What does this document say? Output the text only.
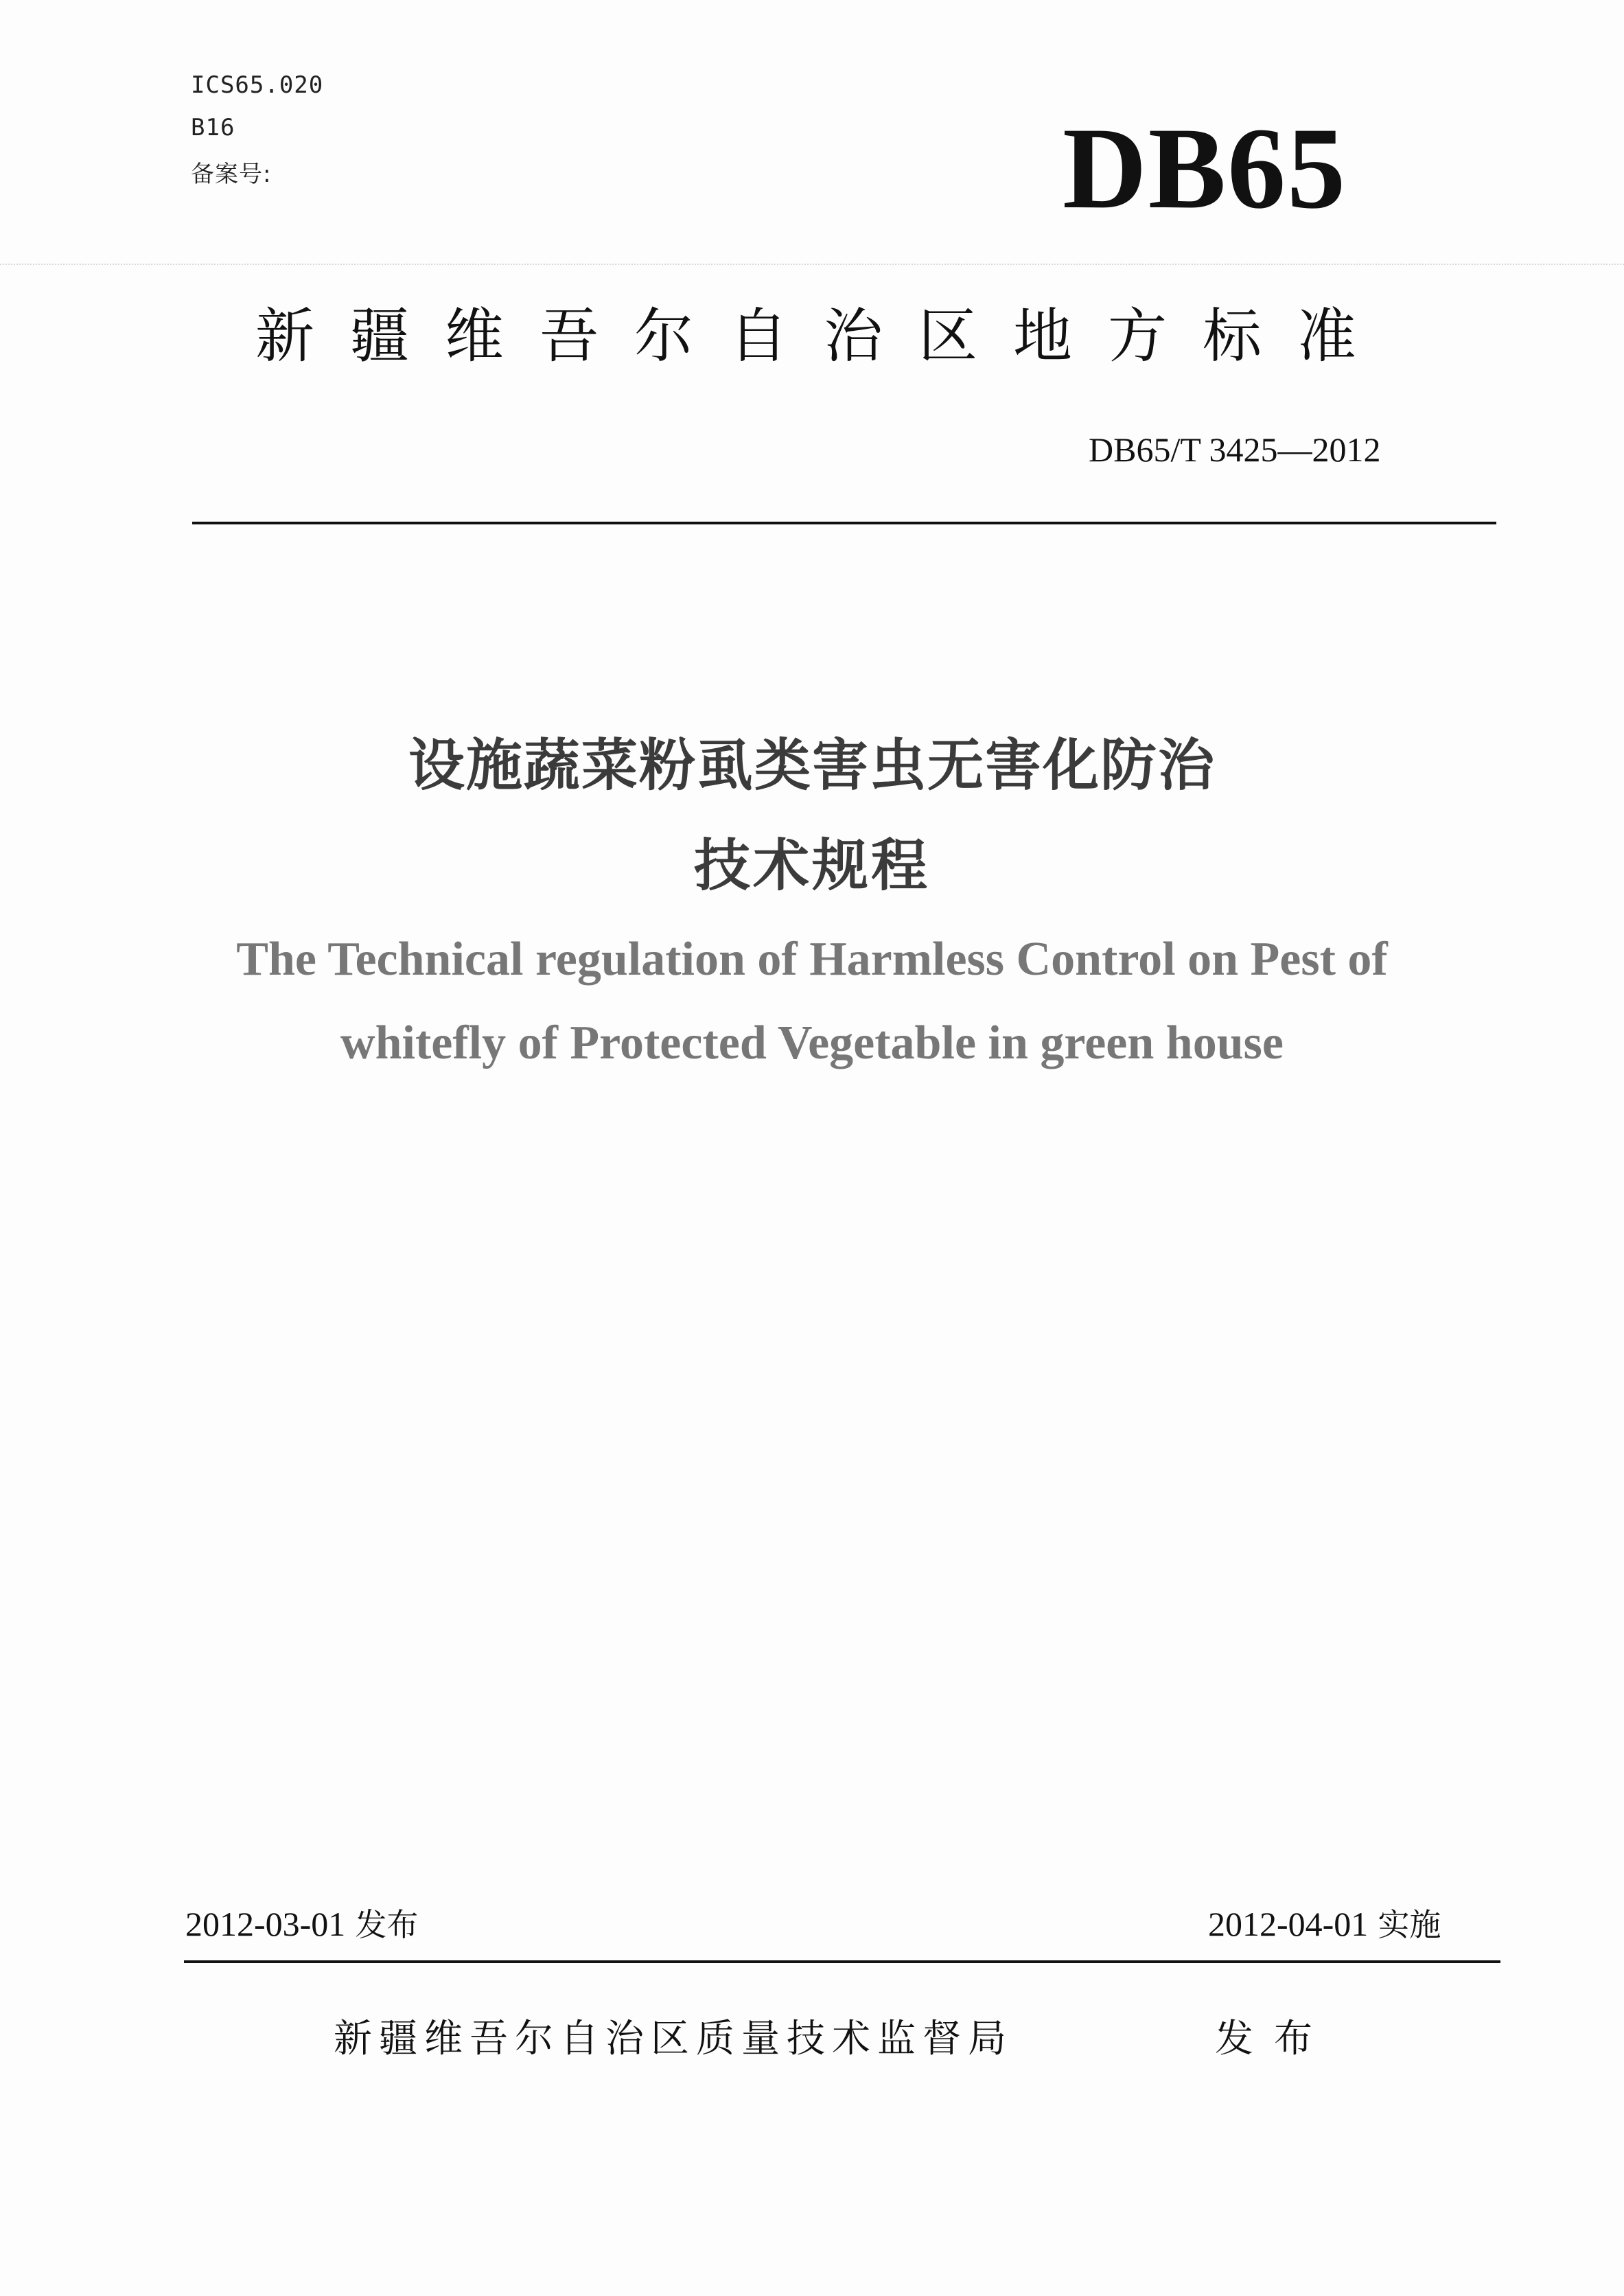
ICS65.020
B16
备案号:	DB65
新疆维吾尔自治区地方标准
DB65/T 3425—2012
设施蔬菜粉虱类害虫无害化防治
技术规程
The Technical regulation of Harmless Control on Pest of
whitefly of Protected Vegetable in green house
2012-03-01 发布	2012-04-01 实施
新疆维吾尔自治区质量技术监督局	发布
